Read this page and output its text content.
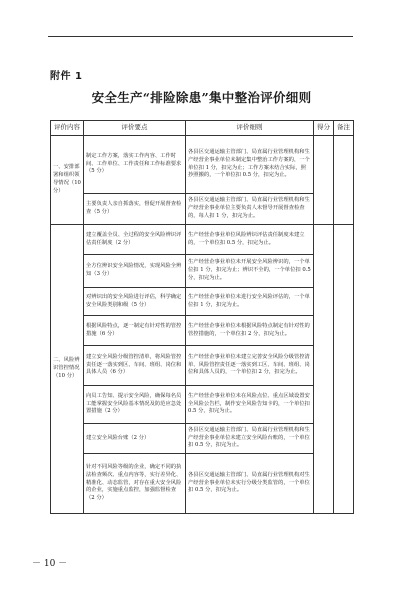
附件 1
安全生产“排险除患”集中整治评价细则
评价内容	评价要点	评价细则	得分	备注
一、安排部署和组织领导情况（10 分）	制定工作方案，落实工作内容、工作时间、工作单位、工作责任和工作标准要求（5 分）	各县区交通运输主管部门、局直属行业管理机构和生产经营企事业单位未制定集中整治工作方案的，一个单位扣 1 分，扣完为止；工作方案未结合实际，照抄照搬的，一个单位扣 0.5 分，扣完为止。		
	主要负责人亲自抓落实，督促开展督查检查（5 分）	各县区交通运输主管部门、局直属行业管理机构和生产经营企事业单位主要负责人未督导开展督查检查的，每人扣 1 分，扣完为止。		
二、风险辨识管控情况（10 分）	建立覆盖全员、全过程的安全风险辨识评估责任制度（2 分）	生产经营企事业单位风险辨识评估责任制度未建立的，一个单位扣 0.5 分，扣完为止。		
	全方位辨识安全风险情况，实现风险全辨知（3 分）	生产经营企事业单位未开展安全风险辨识的，一个单位扣 1 分，扣完为止；辨识不全的，一个单位扣 0.5 分，扣完为止。		
	对辨识出的安全风险进行评估，科学确定安全风险类别和级（5 分）	生产经营企事业单位未进行安全风险评估的，一个单位扣 1 分，扣完为止。		
	根据风险特点，逐一制定有针对性的管控措施（6 分）	生产经营企事业单位未根据风险特点制定有针对性的管控措施的，一个单位扣 2 分，扣完为止。		
	建立安全风险分级管控清单，将风险管控责任逐一落实到区、车间、班组、岗位和具体人员（6 分）	生产经营企事业单位未建立完善安全风险分级管控清单、风险管控责任逐一落实到工区、车间、班组、岗位和具体人员的，一个单位扣 2 分，扣完为止。		
	向员工告知、提示安全风险，确保每名员工能掌握安全风险基本情况及防范应急处置措施（2 分）	生产经营企事业单位未在风险点位、重点区域设置安全风险公告栏，制作安全风险告知卡的，一个单位扣 0.5 分，扣完为止。		
	建立安全风险台账（2 分）	各县区交通运输主管部门、局直属行业管理机构和生产经营企事业单位未建立安全风险台账的，一个单位扣 0.5 分，扣完为止。		
	针对不同风险等级的企业，确定不同的执法检查频次、重点内容等，实行差异化、精准化、动态监管，对存在重大安全风险的企业，实施重点监控，加强监督检查（2 分）	各县区交通运输主管部门、局直属行业管理机构对生产经营企事业单位未实行分级分类监管的，一个单位扣 0.5 分，扣完为止。		
－ 10 －
